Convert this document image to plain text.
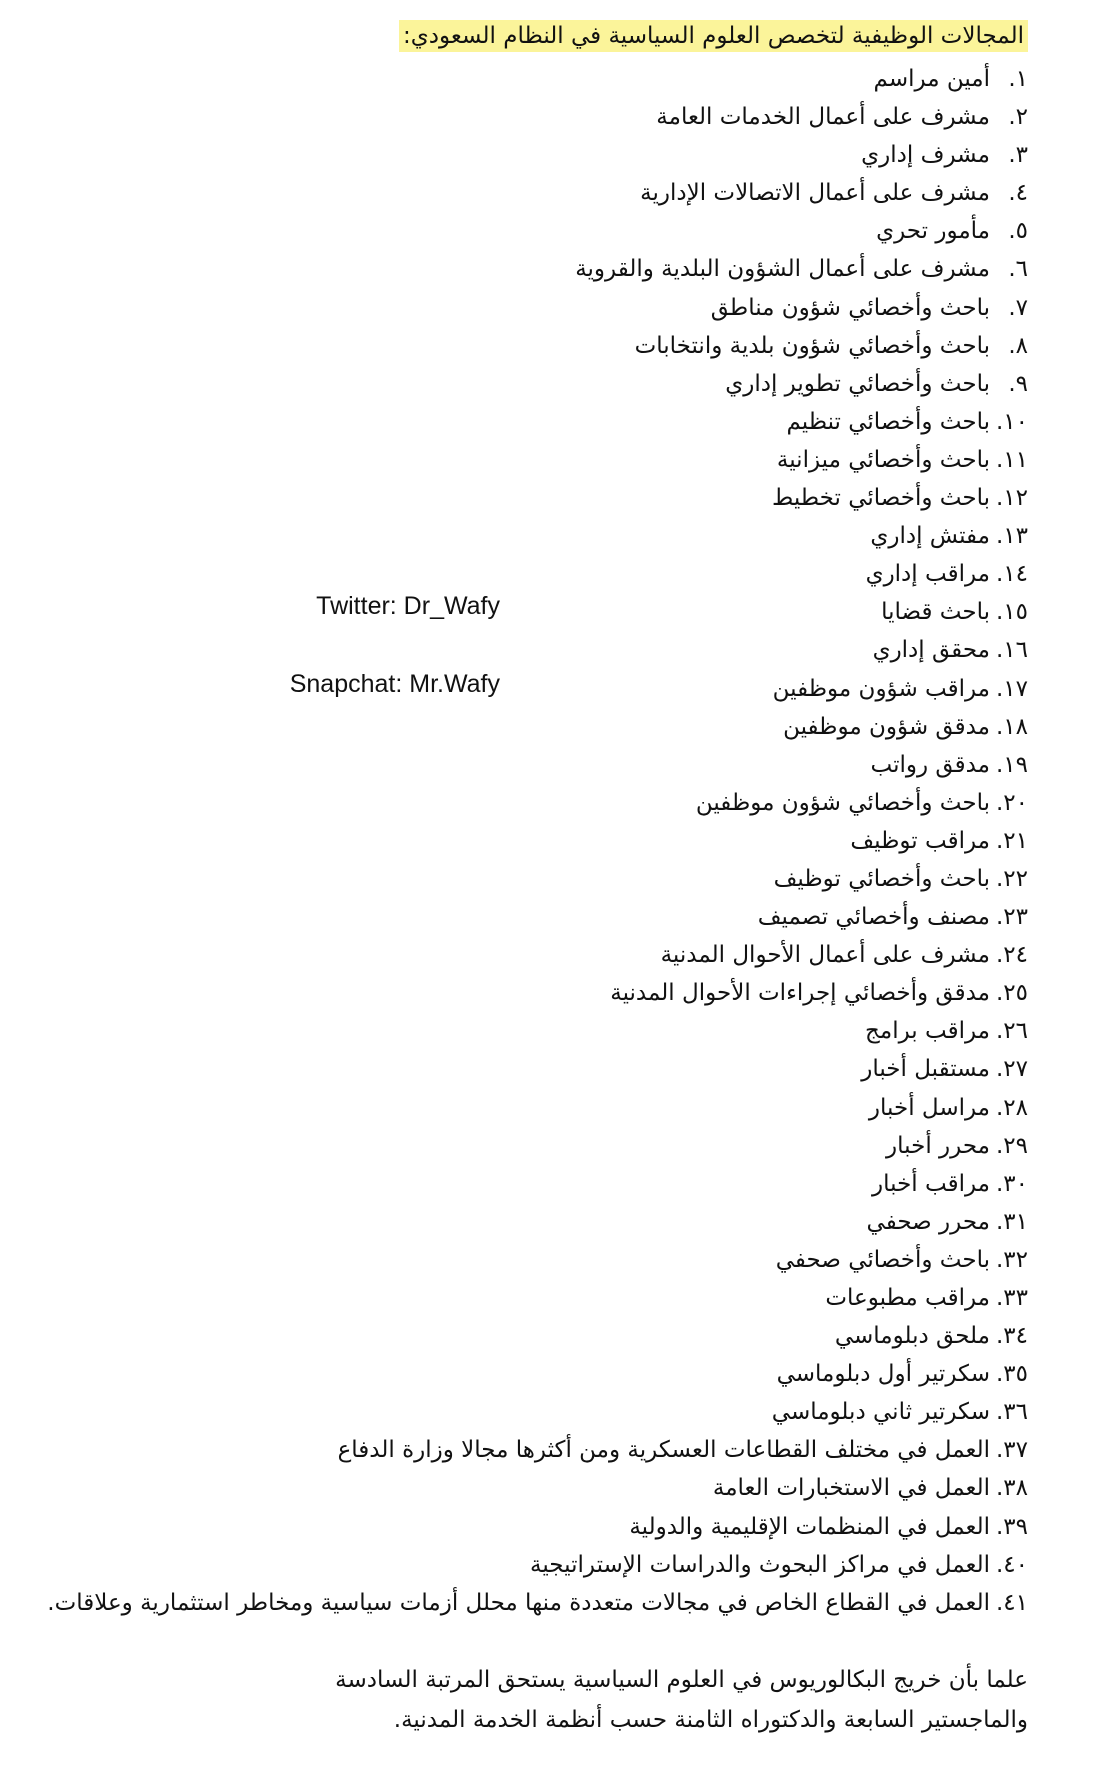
المجالات الوظيفية لتخصص العلوم السياسية في النظام السعودي:
١.
أمين مراسم
٢.
مشرف على أعمال الخدمات العامة
٣.
مشرف إداري
٤.
مشرف على أعمال الاتصالات الإدارية
٥.
مأمور تحري
٦.
مشرف على أعمال الشؤون البلدية والقروية
٧.
باحث وأخصائي شؤون مناطق
٨.
باحث وأخصائي شؤون بلدية وانتخابات
٩.
باحث وأخصائي تطوير إداري
١٠.
باحث وأخصائي تنظيم
١١.
باحث وأخصائي ميزانية
١٢.
باحث وأخصائي تخطيط
١٣.
مفتش إداري
١٤.
مراقب إداري
١٥.
باحث قضايا
١٦.
محقق إداري
١٧.
مراقب شؤون موظفين
١٨.
مدقق شؤون موظفين
١٩.
مدقق رواتب
٢٠.
باحث وأخصائي شؤون موظفين
٢١.
مراقب توظيف
٢٢.
باحث وأخصائي توظيف
٢٣.
مصنف وأخصائي تصميف
٢٤.
مشرف على أعمال الأحوال المدنية
٢٥.
مدقق وأخصائي إجراءات الأحوال المدنية
٢٦.
مراقب برامج
٢٧.
مستقبل أخبار
٢٨.
مراسل أخبار
٢٩.
محرر أخبار
٣٠.
مراقب أخبار
٣١.
محرر صحفي
٣٢.
باحث وأخصائي صحفي
٣٣.
مراقب مطبوعات
٣٤.
ملحق دبلوماسي
٣٥.
سكرتير أول دبلوماسي
٣٦.
سكرتير ثاني دبلوماسي
٣٧.
العمل في مختلف القطاعات العسكرية ومن أكثرها مجالا وزارة الدفاع
٣٨.
العمل في الاستخبارات العامة
٣٩.
العمل في المنظمات الإقليمية والدولية
٤٠.
العمل في مراكز البحوث والدراسات الإستراتيجية
٤١.
العمل في القطاع الخاص في مجالات متعددة منها محلل أزمات سياسية ومخاطر استثمارية وعلاقات.
Twitter: Dr_Wafy
Snapchat: Mr.Wafy
علما بأن خريج البكالوريوس في العلوم السياسية يستحق المرتبة السادسة
والماجستير السابعة والدكتوراه الثامنة حسب أنظمة الخدمة المدنية.
